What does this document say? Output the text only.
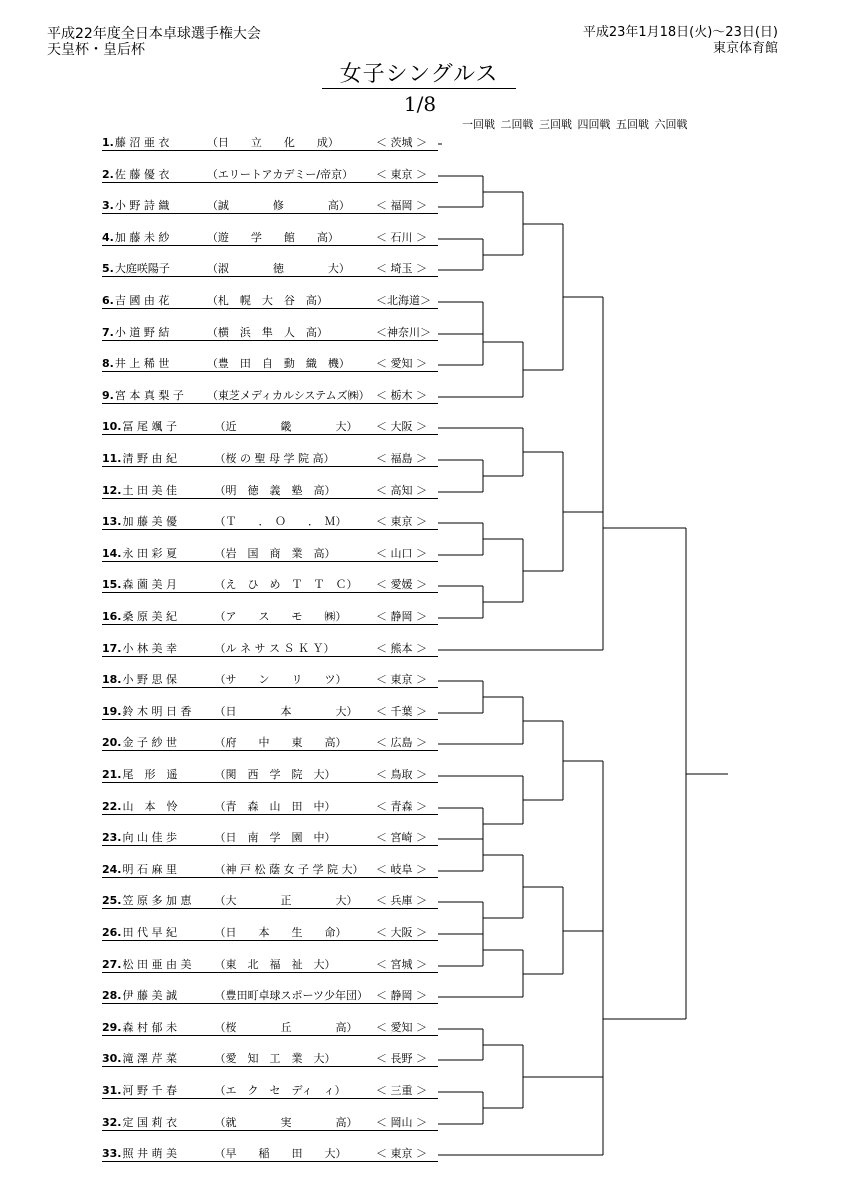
平成22年度全日本卓球選手権大会
天皇杯・皇后杯
平成23年1月18日(火)～23日(日)
東京体育館
女子シングルス
1/8
一回戦 二回戦 三回戦 四回戦 五回戦 六回戦
1. 藤 沼 亜 衣	（日　　立　　化　　成）	＜ 茨城 ＞
2. 佐 藤 優 衣	（エリートアカデミー/帝京）	＜ 東京 ＞
3. 小 野 詩 織	（誠　　　　修　　　　高）	＜ 福岡 ＞
4. 加 藤 未 紗	（遊　　学　　館　　高）	＜ 石川 ＞
5. 大庭咲陽子	（淑　　　　徳　　　　大）	＜ 埼玉 ＞
6. 吉 國 由 花	（札　幌　大　谷　高）	＜北海道＞
7. 小 道 野 結	（横　浜　隼　人　高）	＜神奈川＞
8. 井 上 稀 世	（豊　田　自　動　織　機）	＜ 愛知 ＞
9. 宮 本 真 梨 子	（東芝メディカルシステムズ㈱） ＜ 栃木 ＞
10. 冨 尾 颯 子	（近　　　　畿　　　　大）	＜ 大阪 ＞
11. 清 野 由 紀	（桜 の 聖 母 学 院 高）	＜ 福島 ＞
12. 土 田 美 佳	（明　徳　義　塾　高）	＜ 高知 ＞
13. 加 藤 美 優	（Ｔ　　．　Ｏ　　．　Ｍ）	＜ 東京 ＞
14. 永 田 彩 夏	（岩　国　商　業　高）	＜ 山口 ＞
15. 森 薗 美 月	（え　ひ　め　Ｔ　Ｔ　Ｃ）	＜ 愛媛 ＞
16. 桑 原 美 紀	（ア　　ス　　モ　　㈱）	＜ 静岡 ＞
17. 小 林 美 幸	（ル ネ サ ス Ｓ Ｋ Ｙ）	＜ 熊本 ＞
18. 小 野 思 保	（サ　　ン　　リ　　ツ）	＜ 東京 ＞
19. 鈴 木 明 日 香	（日　　　　本　　　　大）	＜ 千葉 ＞
20. 金 子 紗 世	（府　　中　　東　　高）	＜ 広島 ＞
21. 尾　形　遥	（関　西　学　院　大）	＜ 鳥取 ＞
22. 山　本　怜	（青　森　山　田　中）	＜ 青森 ＞
23. 向 山 佳 歩	（日　南　学　園　中）	＜ 宮崎 ＞
24. 明 石 麻 里	（神 戸 松 蔭 女 子 学 院 大）	＜ 岐阜 ＞
25. 笠 原 多 加 恵	（大　　　　正　　　　大）	＜ 兵庫 ＞
26. 田 代 早 紀	（日　　本　　生　　命）	＜ 大阪 ＞
27. 松 田 亜 由 美	（東　北　福　祉　大）	＜ 宮城 ＞
28. 伊 藤 美 誠	（豊田町卓球スポーツ少年団） ＜ 静岡 ＞
29. 森 村 郁 未	（桜　　　　丘　　　　高）	＜ 愛知 ＞
30. 滝 澤 芹 菜	（愛　知　工　業　大）	＜ 長野 ＞
31. 河 野 千 春	（エ　ク　セ　ディ　ィ）	＜ 三重 ＞
32. 定 国 莉 衣	（就　　　　実　　　　高）	＜ 岡山 ＞
33. 照 井 萌 美	（早　　稲　　田　　大）	＜ 東京 ＞
